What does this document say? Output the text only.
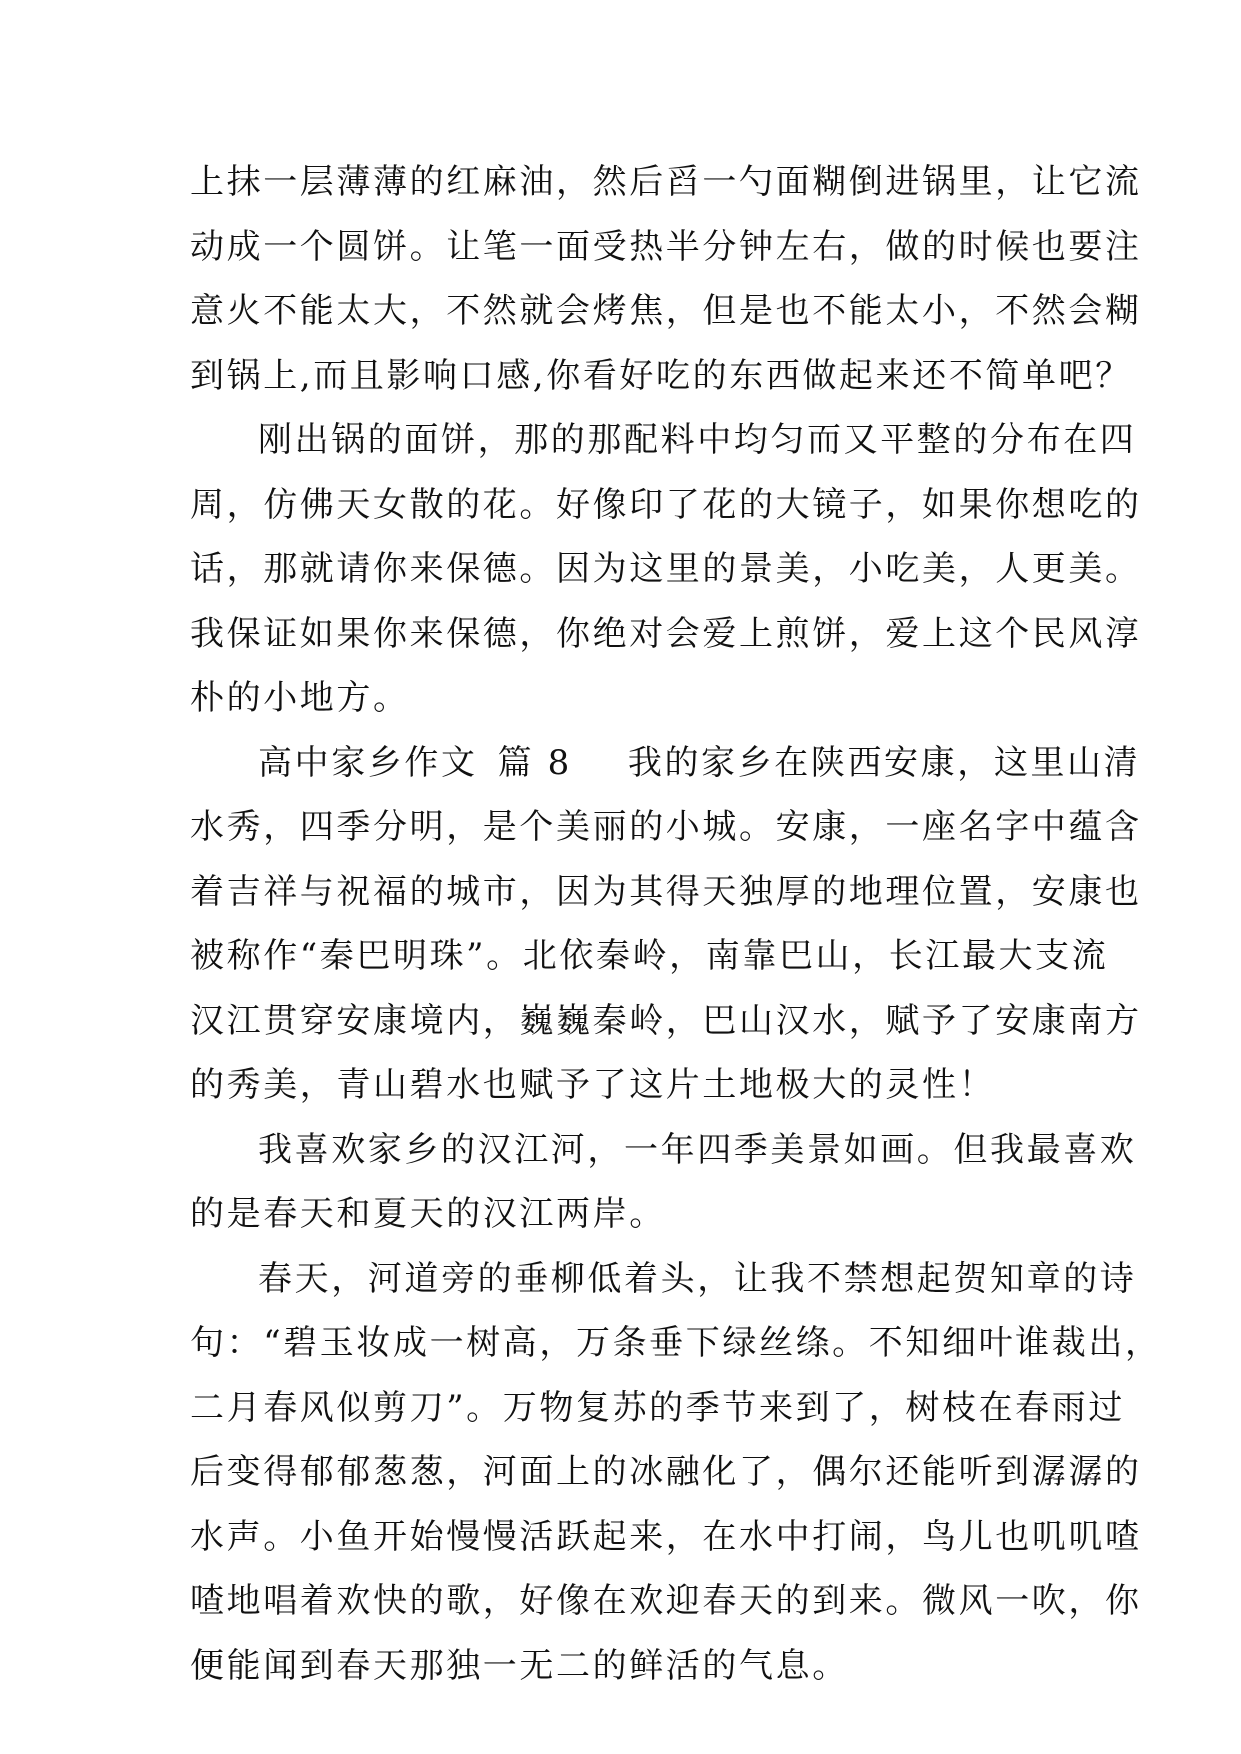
上抹一层薄薄的红麻油，然后舀一勺面糊倒进锅里，让它流
动成一个圆饼。让笔一面受热半分钟左右，做的时候也要注
意火不能太大，不然就会烤焦，但是也不能太小，不然会糊
到锅上,而且影响口感,你看好吃的东西做起来还不简单吧？
刚出锅的面饼，那的那配料中均匀而又平整的分布在四
周，仿佛天女散的花。好像印了花的大镜子，如果你想吃的
话，那就请你来保德。因为这里的景美，小吃美，人更美。
我保证如果你来保德，你绝对会爱上煎饼，爱上这个民风淳
朴的小地方。
高中家乡作文 篇 8 我的家乡在陕西安康，这里山清
水秀，四季分明，是个美丽的小城。安康，一座名字中蕴含
着吉祥与祝福的城市，因为其得天独厚的地理位置，安康也
被称作“秦巴明珠”。北依秦岭，南靠巴山，长江最大支流
汉江贯穿安康境内，巍巍秦岭，巴山汉水，赋予了安康南方
的秀美，青山碧水也赋予了这片土地极大的灵性！
我喜欢家乡的汉江河，一年四季美景如画。但我最喜欢
的是春天和夏天的汉江两岸。
春天，河道旁的垂柳低着头，让我不禁想起贺知章的诗
句：“碧玉妆成一树高，万条垂下绿丝绦。不知细叶谁裁出，
二月春风似剪刀”。万物复苏的季节来到了，树枝在春雨过
后变得郁郁葱葱，河面上的冰融化了，偶尔还能听到潺潺的
水声。小鱼开始慢慢活跃起来，在水中打闹，鸟儿也叽叽喳
喳地唱着欢快的歌，好像在欢迎春天的到来。微风一吹，你
便能闻到春天那独一无二的鲜活的气息。
